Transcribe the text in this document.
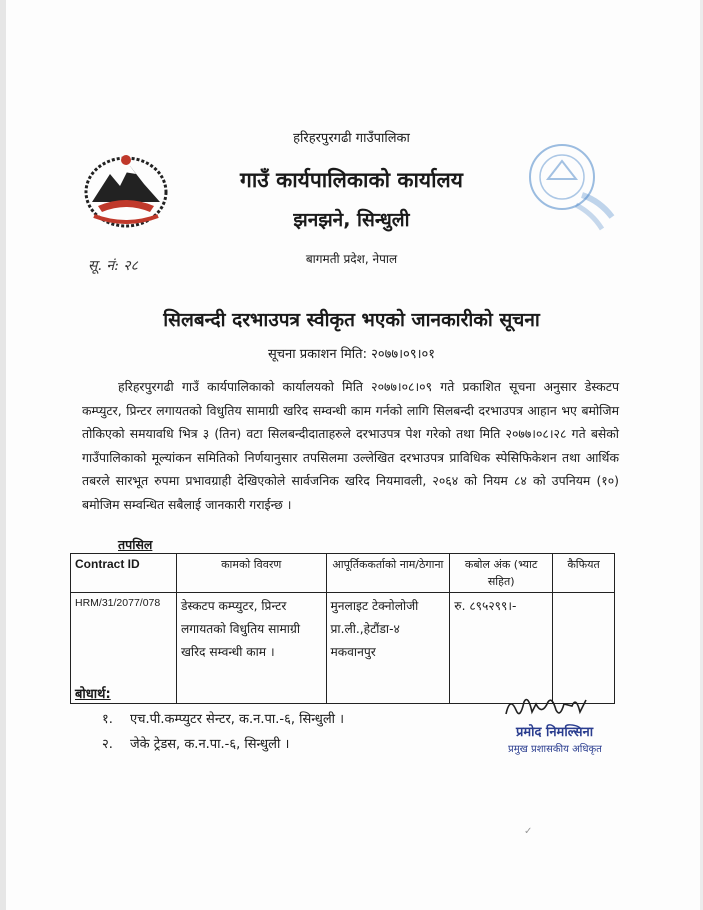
हरिहरपुरगढी गाउँपालिका
गाउँ कार्यपालिकाको कार्यालय
झनझने, सिन्धुली
बागमती प्रदेश, नेपाल
सू. नं: २८
सिलबन्दी दरभाउपत्र स्वीकृत भएको जानकारीको सूचना
सूचना प्रकाशन मिति: २०७७।०९।०१
हरिहरपुरगढी गाउँ कार्यपालिकाको कार्यालयको मिति २०७७।०८।०९ गते प्रकाशित सूचना अनुसार डेस्कटप कम्प्युटर, प्रिन्टर लगायतको विधुतिय सामाग्री खरिद सम्वन्धी काम गर्नको लागि सिलबन्दी दरभाउपत्र आहान भए बमोजिम तोकिएको समयावधि भित्र ३ (तिन) वटा सिलबन्दीदाताहरुले दरभाउपत्र पेश गरेको तथा मिति २०७७।०८।२८ गते बसेको गाउँपालिकाको मूल्यांकन समितिको निर्णयानुसार तपसिलमा उल्लेखित दरभाउपत्र प्राविधिक स्पेसिफिकेशन तथा आर्थिक तबरले सारभूत रुपमा प्रभावग्राही देखिएकोले सार्वजनिक खरिद नियमावली, २०६४ को नियम ८४ को उपनियम (१०) बमोजिम सम्वन्धित सबैलाई जानकारी गराईन्छ ।
तपसिल
Contract ID	कामको विवरण	आपूर्तिककर्ताको नाम/ठेगाना	कबोल अंक (भ्याट सहित)	कैफियत
HRM/31/2077/078	डेस्कटप कम्प्युटर, प्रिन्टर लगायतको विधुतिय सामाग्री खरिद सम्वन्धी काम ।	मुनलाइट टेक्नोलोजी प्रा.ली.,हेटौंडा-४ मकवानपुर	रु. ८९५२९९।-	
बोधार्थ:
१. एच.पी.कम्प्युटर सेन्टर, क.न.पा.-६, सिन्धुली ।
२. जेके ट्रेडस, क.न.पा.-६, सिन्धुली ।
प्रमोद निमल्सिना
प्रमुख प्रशासकीय अधिकृत
✓
